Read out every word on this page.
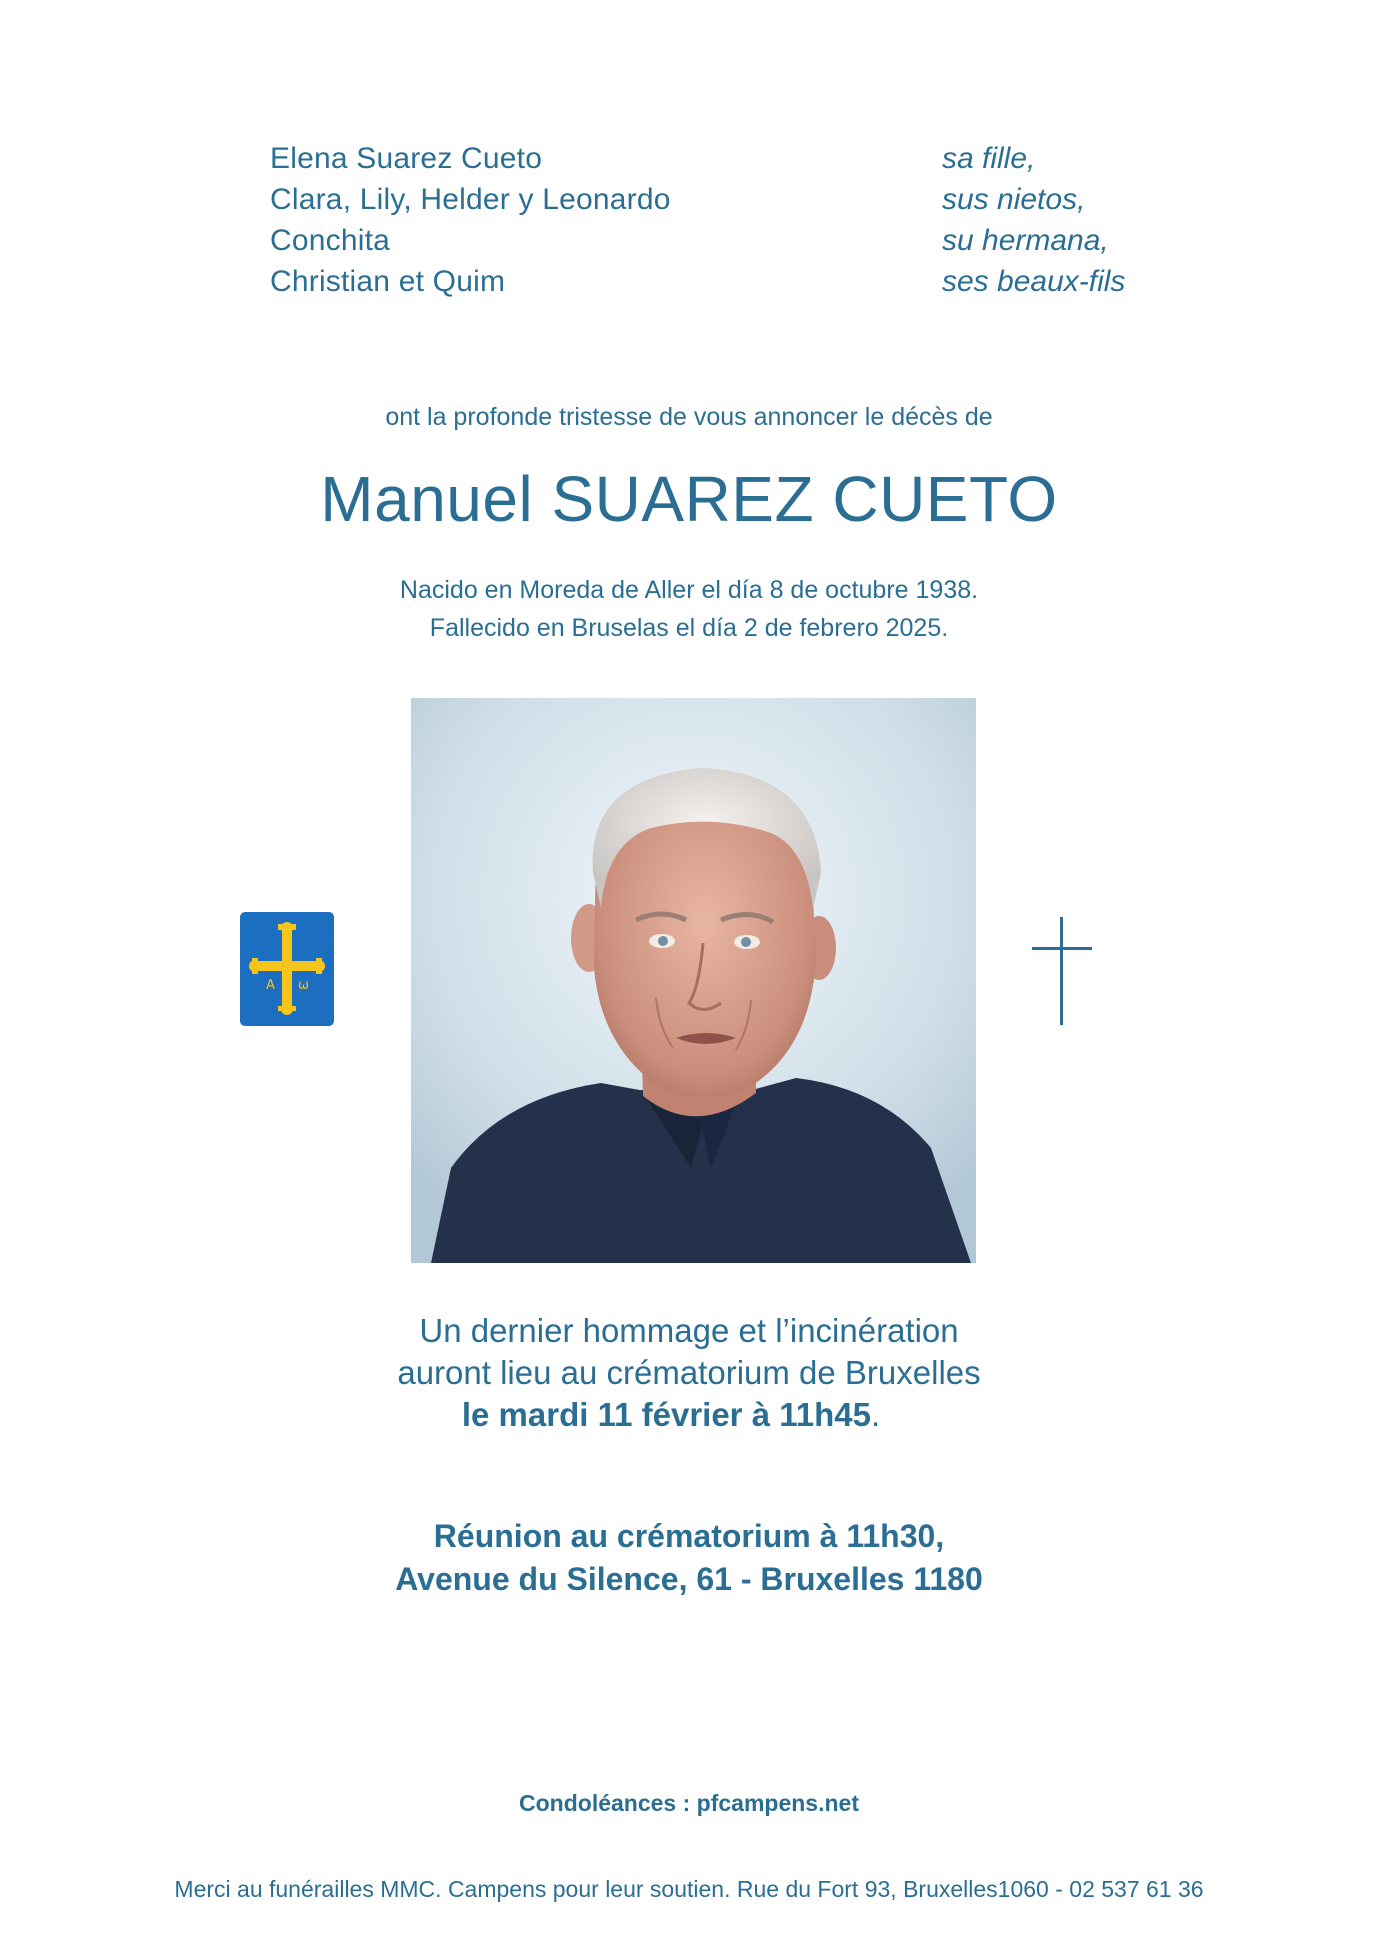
Elena Suarez Cueto	sa fille,
Clara, Lily, Helder y Leonardo	sus nietos,
Conchita	su hermana,
Christian et Quim	ses beaux-fils
ont la profonde tristesse de vous annoncer le décès de
Manuel SUAREZ CUETO
Nacido en Moreda de Aller el día 8 de octubre 1938.
Fallecido en Bruselas el día 2 de febrero 2025.
A ω
Un dernier hommage et l’incinération
auront lieu au crématorium de Bruxelles
le mardi 11 février à 11h45.
Réunion au crématorium à 11h30,
Avenue du Silence, 61 - Bruxelles 1180
Condoléances : pfcampens.net
Merci au funérailles MMC. Campens pour leur soutien. Rue du Fort 93, Bruxelles1060 - 02 537 61 36
